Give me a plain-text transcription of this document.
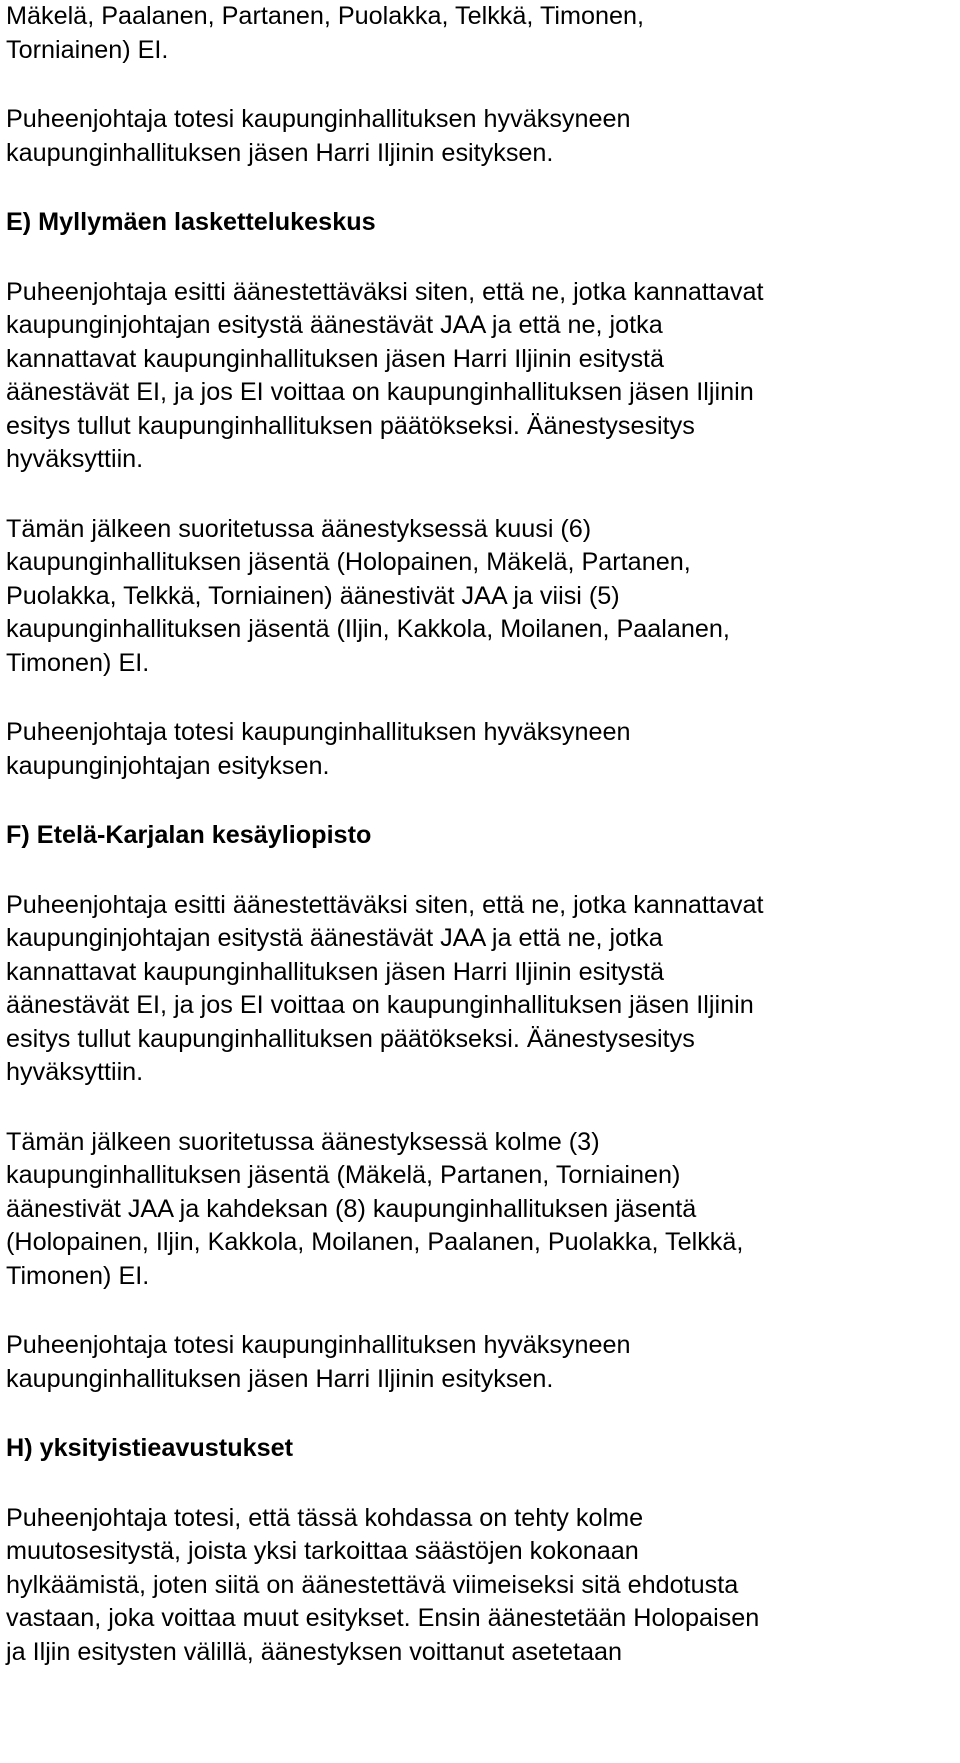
Mäkelä, Paalanen, Partanen, Puolakka, Telkkä, Timonen,
Torniainen) EI.
Puheenjohtaja totesi kaupunginhallituksen hyväksyneen
kaupunginhallituksen jäsen Harri Iljinin esityksen.
E) Myllymäen laskettelukeskus
Puheenjohtaja esitti äänestettäväksi siten, että ne, jotka kannattavat
kaupunginjohtajan esitystä äänestävät JAA ja että ne, jotka
kannattavat kaupunginhallituksen jäsen Harri Iljinin esitystä
äänestävät EI, ja jos EI voittaa on kaupunginhallituksen jäsen Iljinin
esitys tullut kaupunginhallituksen päätökseksi. Äänestysesitys
hyväksyttiin.
Tämän jälkeen suoritetussa äänestyksessä kuusi (6)
kaupunginhallituksen jäsentä (Holopainen, Mäkelä, Partanen,
Puolakka, Telkkä, Torniainen) äänestivät JAA ja viisi (5)
kaupunginhallituksen jäsentä (Iljin, Kakkola, Moilanen, Paalanen,
Timonen) EI.
Puheenjohtaja totesi kaupunginhallituksen hyväksyneen
kaupunginjohtajan esityksen.
F) Etelä-Karjalan kesäyliopisto
Puheenjohtaja esitti äänestettäväksi siten, että ne, jotka kannattavat
kaupunginjohtajan esitystä äänestävät JAA ja että ne, jotka
kannattavat kaupunginhallituksen jäsen Harri Iljinin esitystä
äänestävät EI, ja jos EI voittaa on kaupunginhallituksen jäsen Iljinin
esitys tullut kaupunginhallituksen päätökseksi. Äänestysesitys
hyväksyttiin.
Tämän jälkeen suoritetussa äänestyksessä kolme (3)
kaupunginhallituksen jäsentä (Mäkelä, Partanen, Torniainen)
äänestivät JAA ja kahdeksan (8) kaupunginhallituksen jäsentä
(Holopainen, Iljin, Kakkola, Moilanen, Paalanen, Puolakka, Telkkä,
Timonen) EI.
Puheenjohtaja totesi kaupunginhallituksen hyväksyneen
kaupunginhallituksen jäsen Harri Iljinin esityksen.
H) yksityistieavustukset
Puheenjohtaja totesi, että tässä kohdassa on tehty kolme
muutosesitystä, joista yksi tarkoittaa säästöjen kokonaan
hylkäämistä, joten siitä on äänestettävä viimeiseksi sitä ehdotusta
vastaan, joka voittaa muut esitykset. Ensin äänestetään Holopaisen
ja Iljin esitysten välillä, äänestyksen voittanut asetetaan
